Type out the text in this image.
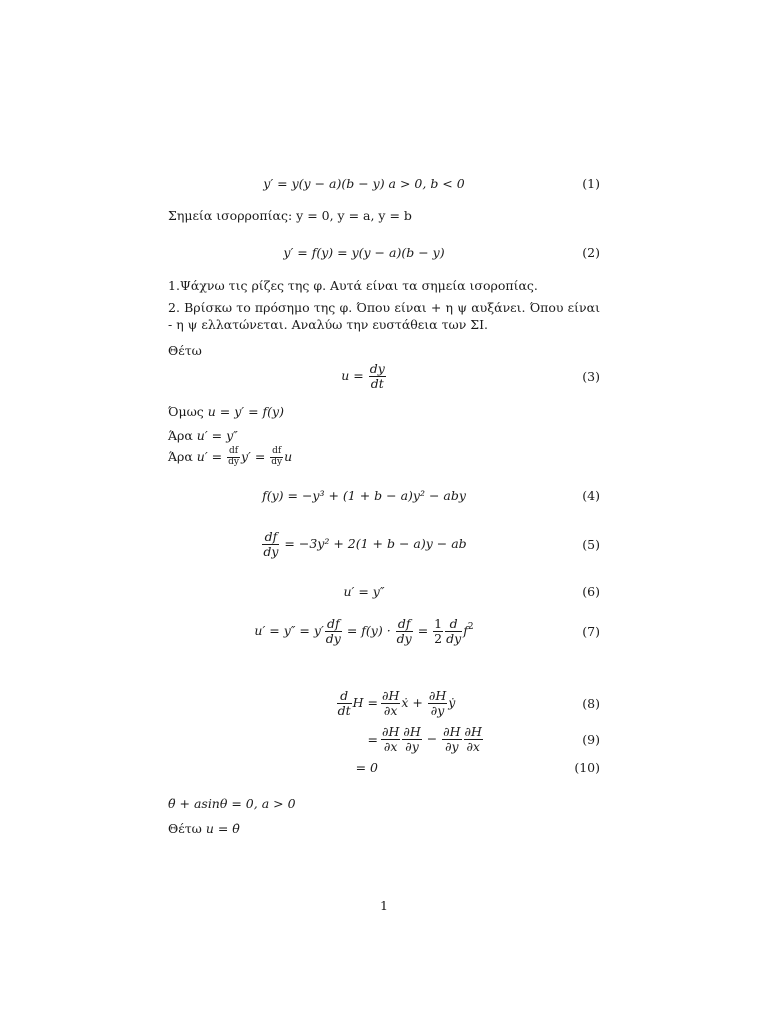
y′ = y(y − a)(b − y) a > 0, b < 0	(1)
Σημεία ισορροπίας: y = 0, y = a, y = b
y′ = f(y) = y(y − a)(b − y)	(2)
1.Ψάχνω τις ρίζες της φ. Αυτά είναι τα σημεία ισοροπίας.
2. Βρίσκω το πρόσημο της φ. Όπου είναι + η ψ αυξάνει. Όπου είναι - η ψ ελλατώνεται. Αναλύω την ευστάθεια των ΣΙ.
Θέτω
$u = \frac{dy}{dt}$	(3)
Όμως u = y′ = f(y)
Άρα u′ = y″
Άρα $u' = \frac{df}{dy} y' = \frac{df}{dy}$ u
f(y) = −y³ + (1 + b − a)y² − aby	(4)
$\frac{df}{dy} = -3y^2 + 2(1 + b - a)y$ − ab	(5)
u′ = y″	(6)
$u' = y'' = y' \frac{df}{dy} = f(y) \cdot \frac{df}{dy} = \frac{1}{2} \frac{d}{dy} f^2$	(7)
$\frac{d}{dt}$ $H = \frac{\partial H}{\partial x}$ ẋ + $\frac{\partial H}{\partial y}$ ẏ	(8)
= $\frac{\partial H}{\partial x} \frac{\partial H}{\partial y} - \frac{\partial H}{\partial y} \frac{\partial H}{\partial x}$	(9)
= 0	(10)
θ̈ + asinθ = 0, a > 0
Θέτω u = θ̇
1
